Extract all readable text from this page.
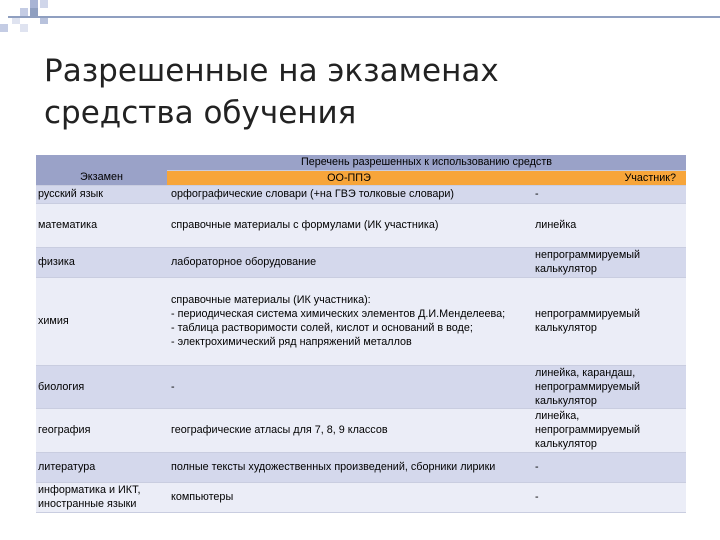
Разрешенные на экзаменах
средства обучения
Экзамен	Перечень разрешенных к использованию средств	
	ОО-ППЭ	Участник?
русский язык	орфографические словари (+на ГВЭ толковые словари)	-
математика	справочные материалы с формулами (ИК участника)	линейка
физика	лабораторное оборудование	непрограммируемый калькулятор
химия	справочные материалы (ИК участника):
- периодическая система химических элементов Д.И.Менделеева;
- таблица растворимости солей, кислот и оснований в воде;
- электрохимический ряд напряжений металлов	непрограммируемый калькулятор
биология	-	линейка, карандаш, непрограммируемый калькулятор
география	географические атласы для 7, 8, 9 классов	линейка, непрограммируемый калькулятор
литература	полные тексты художественных произведений, сборники лирики	-
информатика и ИКТ, иностранные языки	компьютеры	-
